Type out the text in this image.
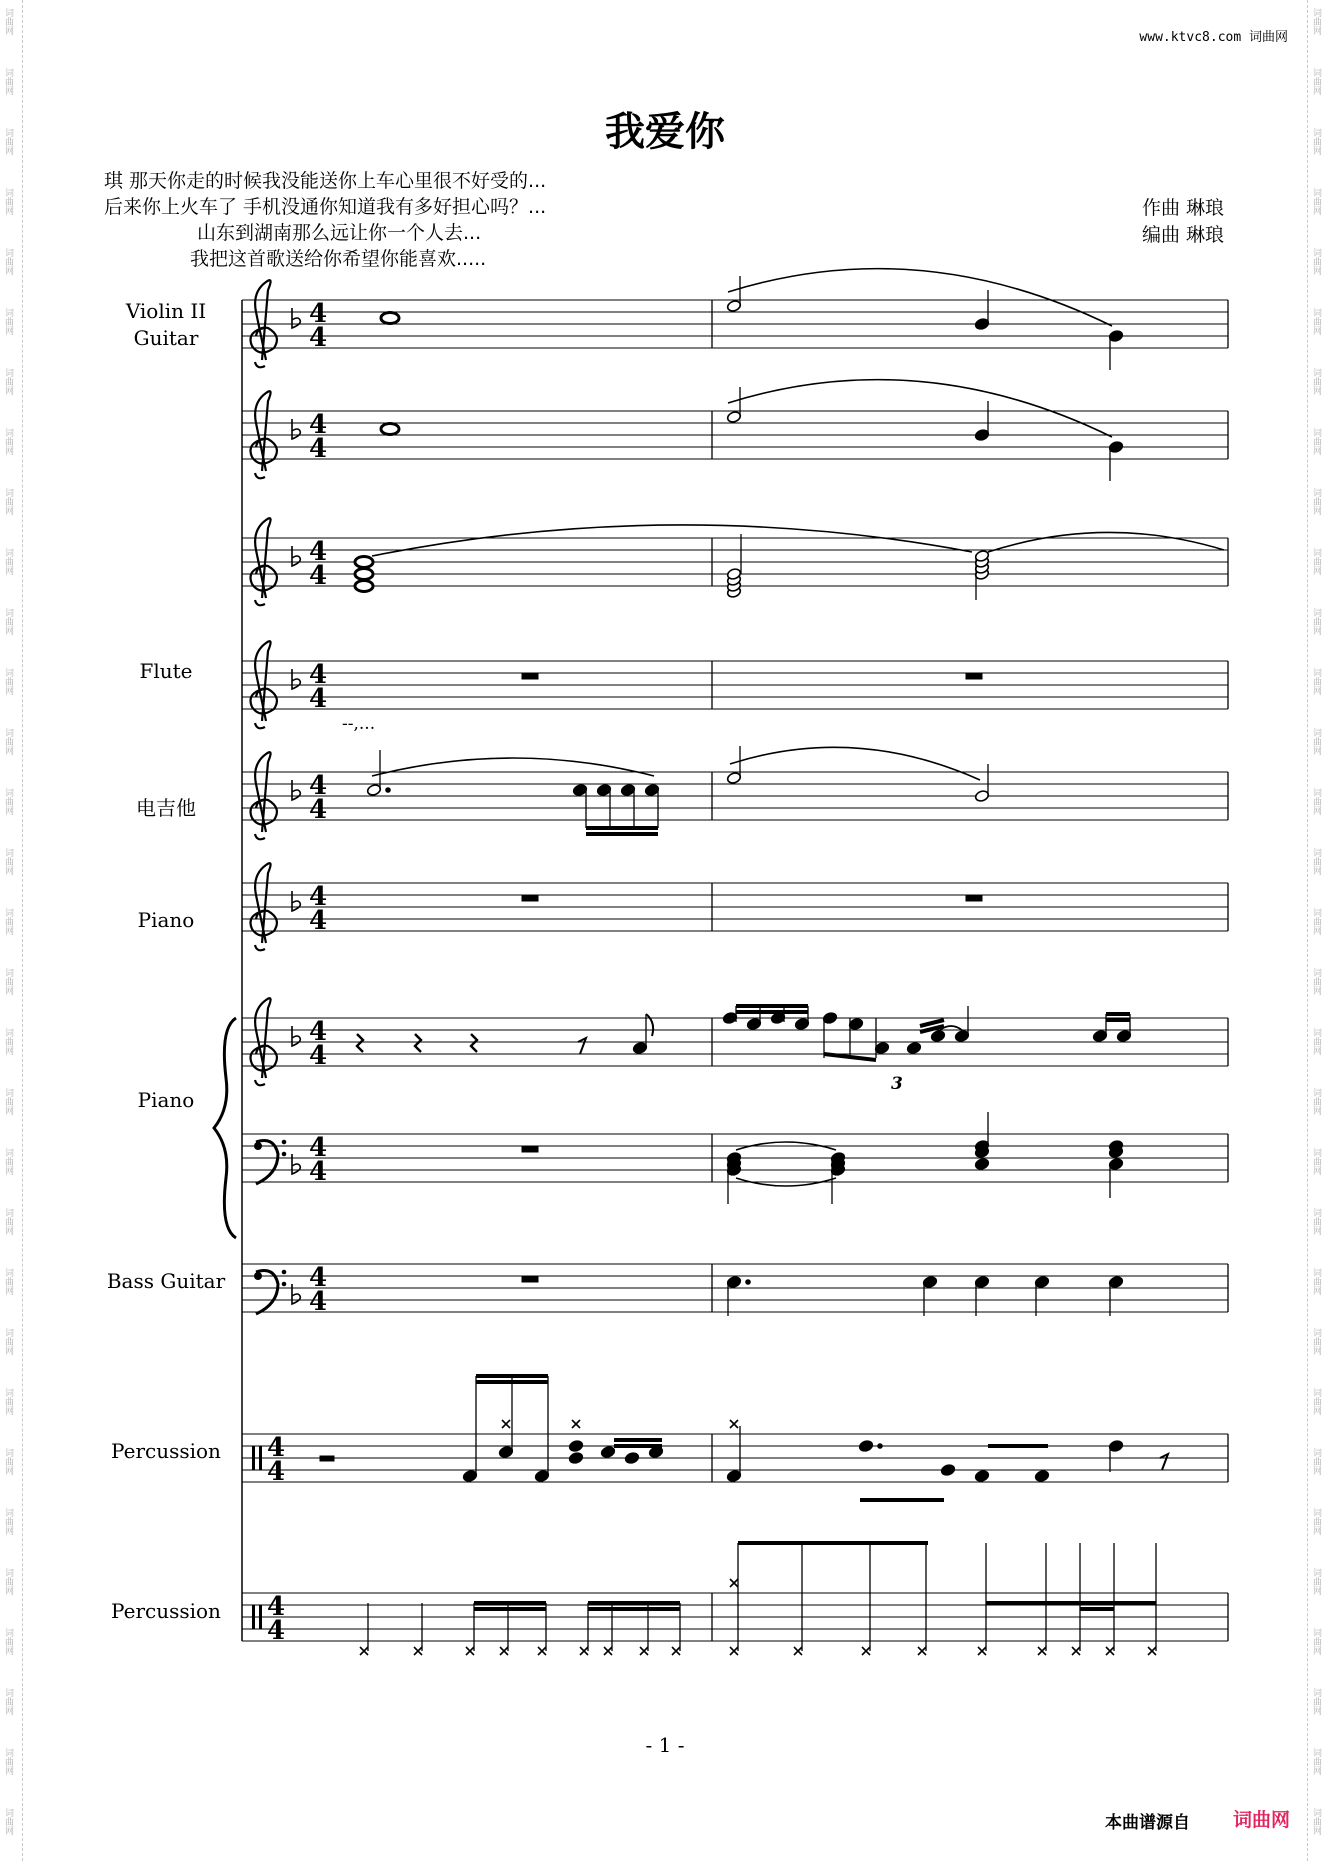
词曲网
词曲网
词曲网
词曲网
词曲网
词曲网
词曲网
词曲网
词曲网
词曲网
词曲网
词曲网
词曲网
词曲网
词曲网
词曲网
词曲网
词曲网
词曲网
词曲网
词曲网
词曲网
词曲网
词曲网
词曲网
词曲网
词曲网
词曲网
词曲网
词曲网
词曲网
词曲网
词曲网
词曲网
词曲网
词曲网
词曲网
词曲网
词曲网
词曲网
词曲网
词曲网
词曲网
词曲网
词曲网
词曲网
词曲网
词曲网
词曲网
词曲网
词曲网
词曲网
词曲网
词曲网
词曲网
词曲网
词曲网
词曲网
词曲网
词曲网
词曲网
词曲网
www.ktvc8.com 词曲网
我爱你
琪 那天你走的时候我没能送你上车心里很不好受的...
后来你上火车了 手机没通你知道我有多好担心吗？...
山东到湖南那么远让你一个人去...
我把这首歌送给你希望你能喜欢.....
作曲 琳琅
编曲 琳琅
Violin II
Guitar
Flute
电吉他
Piano
Piano
Bass Guitar
Percussion
Percussion
4
4
4
4
4
4
4
4
4
4
4
4
4
4
4
4
4
4
4
4
4
4
--,...
3
- 1 -
本曲谱源自 词曲网
